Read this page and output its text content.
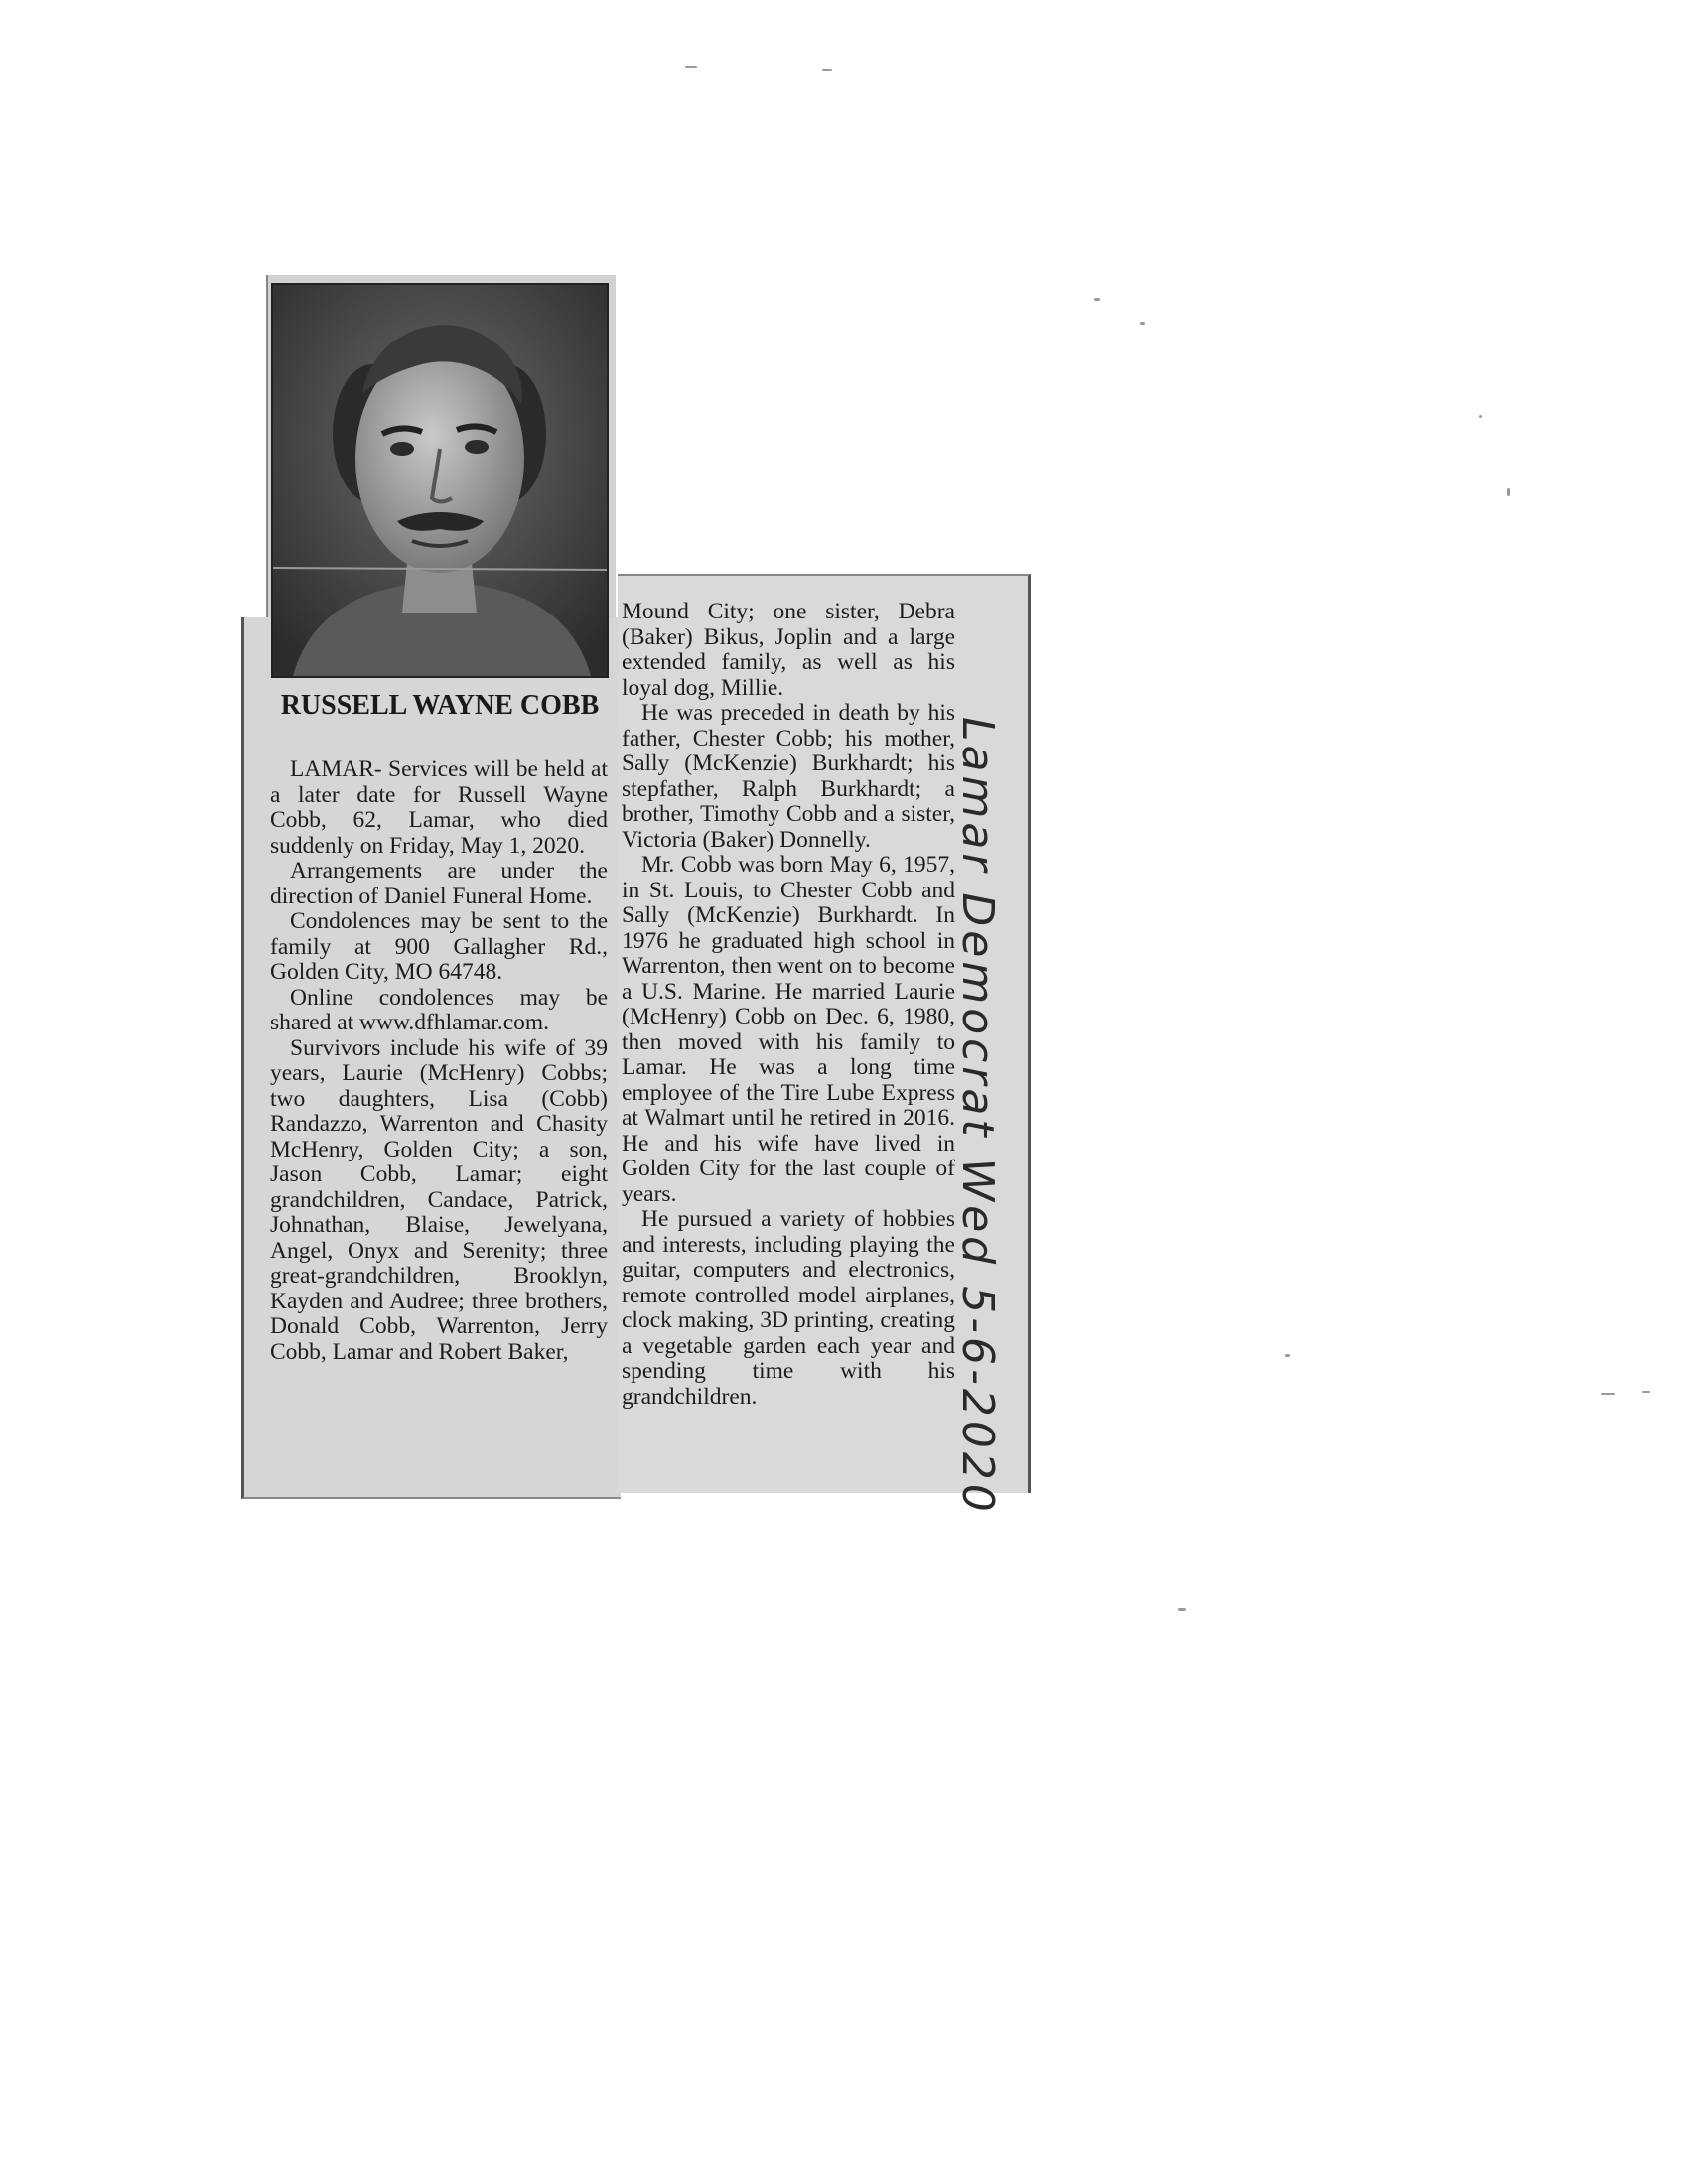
RUSSELL WAYNE COBB

LAMAR- Services will be held at a later date for Russell Wayne Cobb, 62, Lamar, who died suddenly on Friday, May 1, 2020.

Arrangements are under the direction of Daniel Funeral Home.

Condolences may be sent to the family at 900 Gallagher Rd., Golden City, MO 64748.

Online condolences may be shared at www.dfhlamar.com.

Survivors include his wife of 39 years, Laurie (McHenry) Cobbs; two daughters, Lisa (Cobb) Randazzo, Warrenton and Chasity McHenry, Golden City; a son, Jason Cobb, Lamar; eight grandchildren, Candace, Patrick, Johnathan, Blaise, Jewelyana, Angel, Onyx and Serenity; three great-grandchildren, Brooklyn, Kayden and Audree; three brothers, Donald Cobb, Warrenton, Jerry Cobb, Lamar and Robert Baker,

Mound City; one sister, Debra (Baker) Bikus, Joplin and a large extended family, as well as his loyal dog, Millie.

He was preceded in death by his father, Chester Cobb; his mother, Sally (McKenzie) Burkhardt; his stepfather, Ralph Burkhardt; a brother, Timothy Cobb and a sister, Victoria (Baker) Donnelly.

Mr. Cobb was born May 6, 1957, in St. Louis, to Chester Cobb and Sally (McKenzie) Burkhardt. In 1976 he graduated high school in Warrenton, then went on to become a U.S. Marine. He married Laurie (McHenry) Cobb on Dec. 6, 1980, then moved with his family to Lamar. He was a long time employee of the Tire Lube Express at Walmart until he retired in 2016. He and his wife have lived in Golden City for the last couple of years.

He pursued a variety of hobbies and interests, including playing the guitar, computers and electronics, remote controlled model airplanes, clock making, 3D printing, creating a vegetable garden each year and spending time with his grandchildren.	Lamar Democrat Wed 5-6-2020
